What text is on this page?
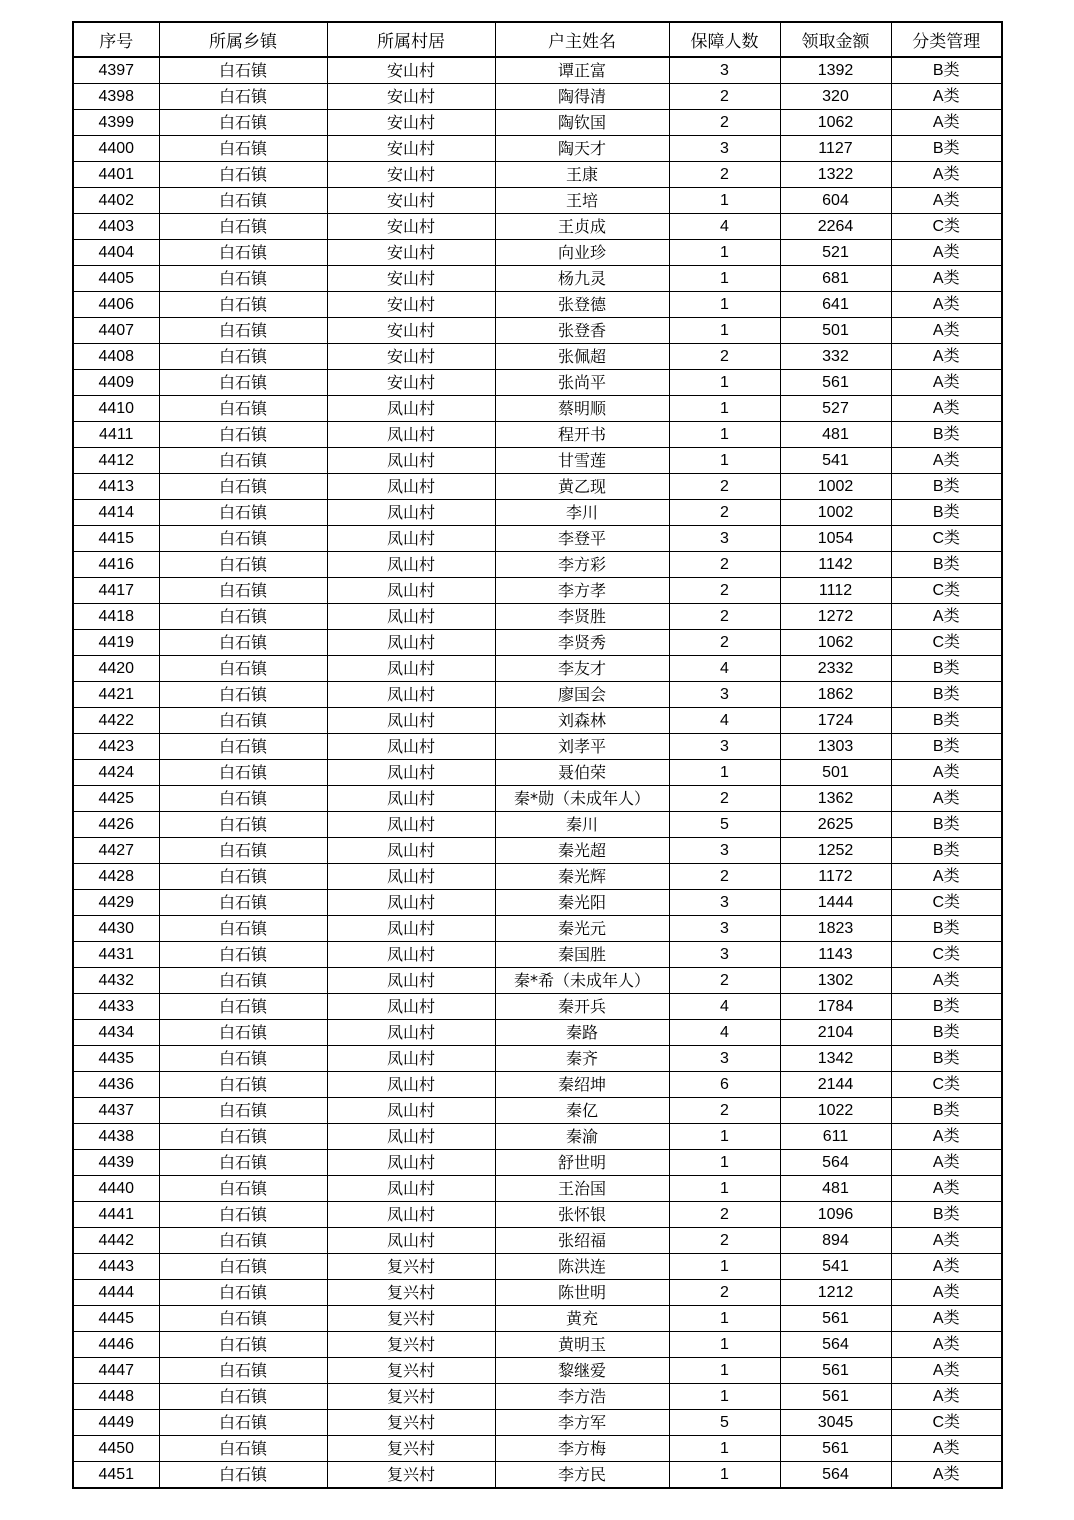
序号	所属乡镇	所属村居	户主姓名	保障人数	领取金额	分类管理
4397	白石镇	安山村	谭正富	3	1392	B类
4398	白石镇	安山村	陶得清	2	320	A类
4399	白石镇	安山村	陶钦国	2	1062	A类
4400	白石镇	安山村	陶天才	3	1127	B类
4401	白石镇	安山村	王康	2	1322	A类
4402	白石镇	安山村	王培	1	604	A类
4403	白石镇	安山村	王贞成	4	2264	C类
4404	白石镇	安山村	向业珍	1	521	A类
4405	白石镇	安山村	杨九灵	1	681	A类
4406	白石镇	安山村	张登德	1	641	A类
4407	白石镇	安山村	张登香	1	501	A类
4408	白石镇	安山村	张佩超	2	332	A类
4409	白石镇	安山村	张尚平	1	561	A类
4410	白石镇	凤山村	蔡明顺	1	527	A类
4411	白石镇	凤山村	程开书	1	481	B类
4412	白石镇	凤山村	甘雪莲	1	541	A类
4413	白石镇	凤山村	黄乙现	2	1002	B类
4414	白石镇	凤山村	李川	2	1002	B类
4415	白石镇	凤山村	李登平	3	1054	C类
4416	白石镇	凤山村	李方彩	2	1142	B类
4417	白石镇	凤山村	李方孝	2	1112	C类
4418	白石镇	凤山村	李贤胜	2	1272	A类
4419	白石镇	凤山村	李贤秀	2	1062	C类
4420	白石镇	凤山村	李友才	4	2332	B类
4421	白石镇	凤山村	廖国会	3	1862	B类
4422	白石镇	凤山村	刘森林	4	1724	B类
4423	白石镇	凤山村	刘孝平	3	1303	B类
4424	白石镇	凤山村	聂伯荣	1	501	A类
4425	白石镇	凤山村	秦*勋（未成年人）	2	1362	A类
4426	白石镇	凤山村	秦川	5	2625	B类
4427	白石镇	凤山村	秦光超	3	1252	B类
4428	白石镇	凤山村	秦光辉	2	1172	A类
4429	白石镇	凤山村	秦光阳	3	1444	C类
4430	白石镇	凤山村	秦光元	3	1823	B类
4431	白石镇	凤山村	秦国胜	3	1143	C类
4432	白石镇	凤山村	秦*希（未成年人）	2	1302	A类
4433	白石镇	凤山村	秦开兵	4	1784	B类
4434	白石镇	凤山村	秦路	4	2104	B类
4435	白石镇	凤山村	秦齐	3	1342	B类
4436	白石镇	凤山村	秦绍坤	6	2144	C类
4437	白石镇	凤山村	秦亿	2	1022	B类
4438	白石镇	凤山村	秦渝	1	611	A类
4439	白石镇	凤山村	舒世明	1	564	A类
4440	白石镇	凤山村	王治国	1	481	A类
4441	白石镇	凤山村	张怀银	2	1096	B类
4442	白石镇	凤山村	张绍福	2	894	A类
4443	白石镇	复兴村	陈洪连	1	541	A类
4444	白石镇	复兴村	陈世明	2	1212	A类
4445	白石镇	复兴村	黄充	1	561	A类
4446	白石镇	复兴村	黄明玉	1	564	A类
4447	白石镇	复兴村	黎继爱	1	561	A类
4448	白石镇	复兴村	李方浩	1	561	A类
4449	白石镇	复兴村	李方军	5	3045	C类
4450	白石镇	复兴村	李方梅	1	561	A类
4451	白石镇	复兴村	李方民	1	564	A类
